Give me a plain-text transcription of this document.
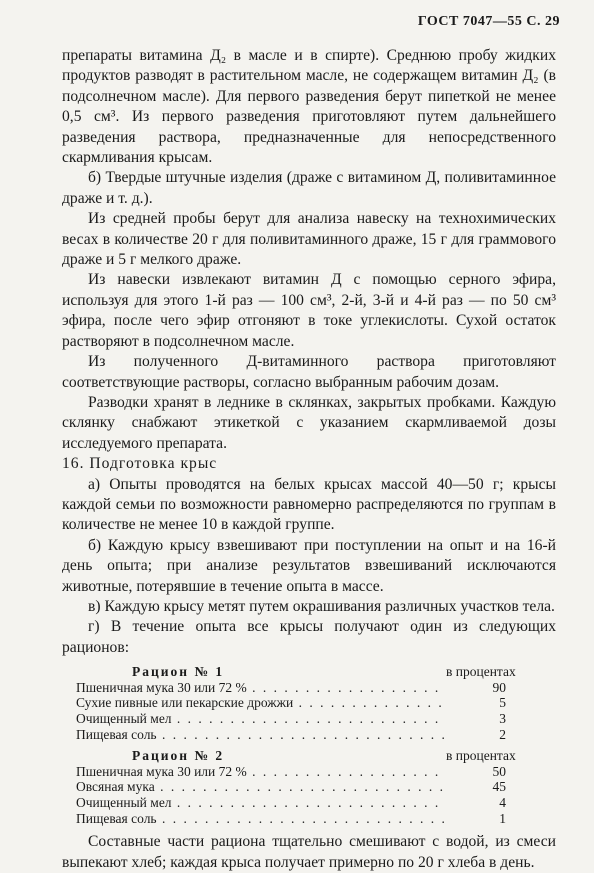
ГОСТ 7047—55 С. 29

препараты витамина Д₂ в масле и в спирте). Среднюю пробу жидких продуктов разводят в растительном масле, не содержащем витамин Д₂ (в подсолнечном масле). Для первого разведения берут пипеткой не менее 0,5 см³. Из первого разведения приготовляют путем дальнейшего разведения раствора, предназначенные для непосредственного скармливания крысам.

б) Твердые штучные изделия (драже с витамином Д, поливитаминное драже и т. д.).

Из средней пробы берут для анализа навеску на технохимических весах в количестве 20 г для поливитаминного драже, 15 г для граммового драже и 5 г мелкого драже.

Из навески извлекают витамин Д с помощью серного эфира, используя для этого 1-й раз — 100 см³, 2-й, 3-й и 4-й раз — по 50 см³ эфира, после чего эфир отгоняют в токе углекислоты. Сухой остаток растворяют в подсолнечном масле.

Из полученного Д-витаминного раствора приготовляют соответствующие растворы, согласно выбранным рабочим дозам.

Разводки хранят в леднике в склянках, закрытых пробками. Каждую склянку снабжают этикеткой с указанием скармливаемой дозы исследуемого препарата.

16. Подготовка крыс

а) Опыты проводятся на белых крысах массой 40—50 г; крысы каждой семьи по возможности равномерно распределяются по группам в количестве не менее 10 в каждой группе.

б) Каждую крысу взвешивают при поступлении на опыт и на 16-й день опыта; при анализе результатов взвешиваний исключаются животные, потерявшие в течение опыта в массе.

в) Каждую крысу метят путем окрашивания различных участков тела.

г) В течение опыта все крысы получают один из следующих рационов:

Рацион № 1	в процентах
Пшеничная мука 30 или 72 % . . .	90
Сухие пивные или пекарские дрожжи . . .	5
Очищенный мел . . .	3
Пищевая соль . . .	2
Рацион № 2	в процентах
Пшеничная мука 30 или 72 % . . .	50
Овсяная мука . . .	45
Очищенный мел . . .	4
Пищевая соль . . .	1

Составные части рациона тщательно смешивают с водой, из смеси выпекают хлеб; каждая крыса получает примерно по 20 г хлеба в день.
